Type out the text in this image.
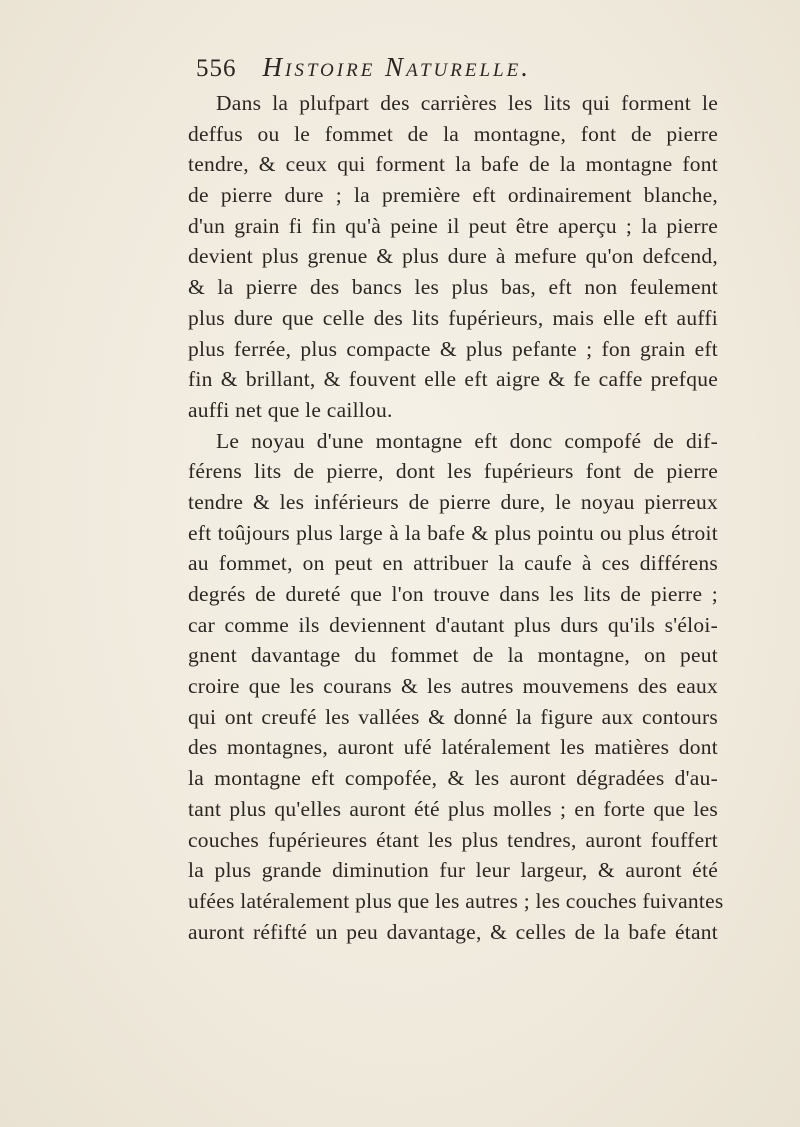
556 Histoire Naturelle.
Dans la plufpart des carrières les lits qui forment le
deffus ou le fommet de la montagne, font de pierre
tendre, & ceux qui forment la bafe de la montagne font
de pierre dure ; la première eft ordinairement blanche,
d'un grain fi fin qu'à peine il peut être aperçu ; la pierre
devient plus grenue & plus dure à mefure qu'on defcend,
& la pierre des bancs les plus bas, eft non feulement
plus dure que celle des lits fupérieurs, mais elle eft auffi
plus ferrée, plus compacte & plus pefante ; fon grain eft
fin & brillant, & fouvent elle eft aigre & fe caffe prefque
auffi net que le caillou.
Le noyau d'une montagne eft donc compofé de dif-
férens lits de pierre, dont les fupérieurs font de pierre
tendre & les inférieurs de pierre dure, le noyau pierreux
eft toûjours plus large à la bafe & plus pointu ou plus étroit
au fommet, on peut en attribuer la caufe à ces différens
degrés de dureté que l'on trouve dans les lits de pierre ;
car comme ils deviennent d'autant plus durs qu'ils s'éloi-
gnent davantage du fommet de la montagne, on peut
croire que les courans & les autres mouvemens des eaux
qui ont creufé les vallées & donné la figure aux contours
des montagnes, auront ufé latéralement les matières dont
la montagne eft compofée, & les auront dégradées d'au-
tant plus qu'elles auront été plus molles ; en forte que les
couches fupérieures étant les plus tendres, auront fouffert
la plus grande diminution fur leur largeur, & auront été
ufées latéralement plus que les autres ; les couches fuivantes
auront réfifté un peu davantage, & celles de la bafe étant
